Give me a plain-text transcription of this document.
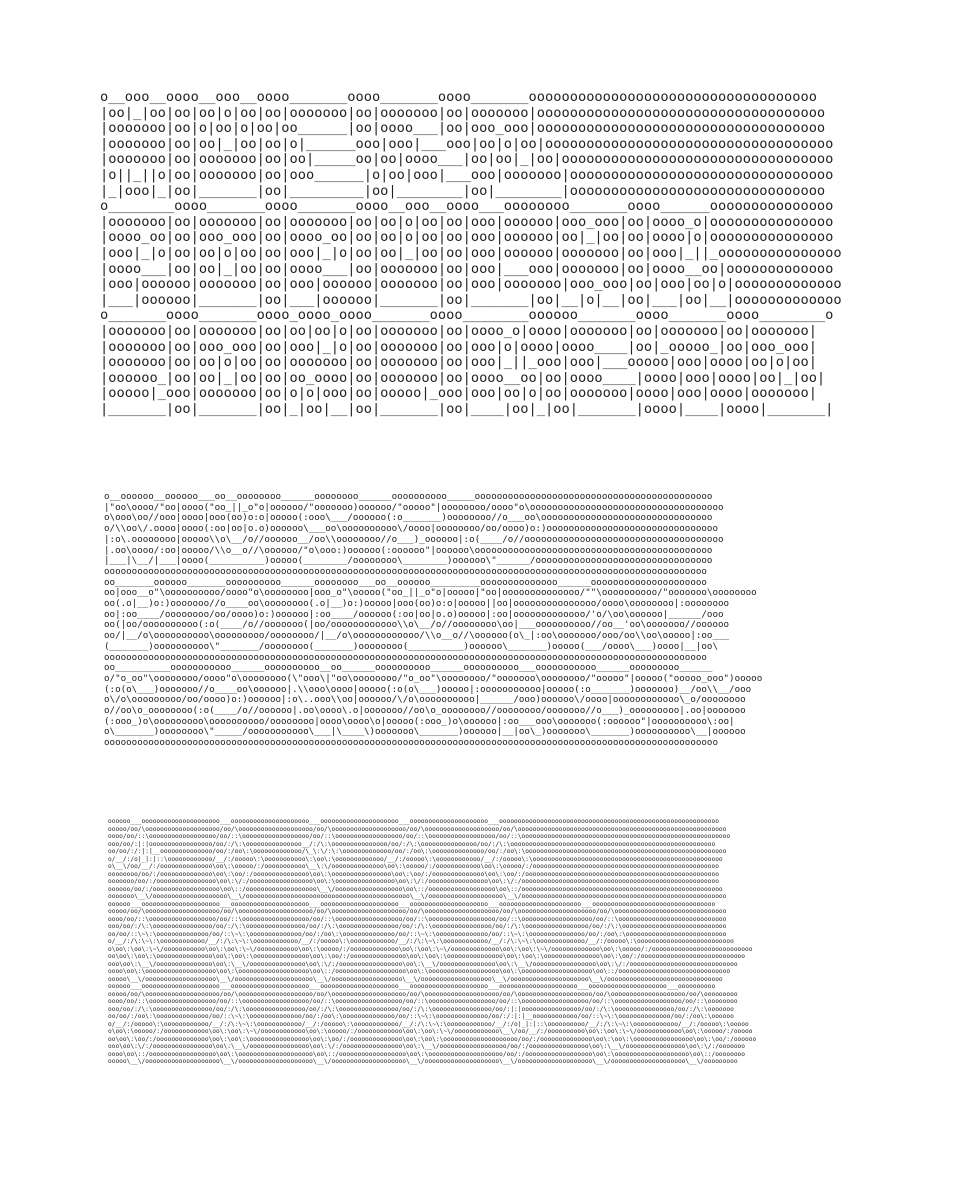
o__ooo__oooo__ooo__oooo_______oooo_______oooo_______ooooooooooooooooooooooooooooooooooo
|oo|_|oo|oo|oo|o|oo|oo|ooooooo|oo|ooooooo|oo|ooooooo|ooooooooooooooooooooooooooooooooooo
|ooooooo|oo|o|oo|o|oo|oo______|oo|oooo___|oo|ooo_ooo|ooooooooooooooooooooooooooooooooooo
|ooooooo|oo|oo|_|oo|oo|o|______ooo|ooo|___ooo|oo|o|oo|ooooooooooooooooooooooooooooooooooo
|ooooooo|oo|ooooooo|oo|oo|_____oo|oo|oooo___|oo|oo|_|oo|ooooooooooooooooooooooooooooooooo
|o||_||o|oo|ooooooo|oo|ooo______|o|oo|ooo|___ooo|ooooooo|oooooooooooooooooooooooooooooooo
|_|ooo|_|oo|_______|oo|_________|oo|________|oo|________|ooooooooooooooooooooooooooooooo
o________oooo_______oooo_______oooo__ooo__oooo___oooooooo_______oooo______ooooooooooooooo
|ooooooo|oo|ooooooo|oo|ooooooo|oo|oo|o|oo|oo|ooo|oooooo|ooo_ooo|oo|oooo_o|ooooooooooooooo
|oooo_oo|oo|ooo_ooo|oo|oooo_oo|oo|oo|o|oo|oo|ooo|oooooo|oo|_|oo|oo|oooo|o|ooooooooooooooo
|ooo|_|o|oo|oo|o|oo|oo|ooo|_|o|oo|oo|_|oo|oo|ooo|oooooo|ooooooo|oo|ooo|_||_ooooooooooooooo
|oooo___|oo|oo|_|oo|oo|oooo___|oo|ooooooo|oo|ooo|___ooo|ooooooo|oo|oooo__oo|ooooooooooooo
|ooo|oooooo|ooooooo|oo|ooo|oooooo|ooooooo|oo|ooo|ooooooo|ooo_ooo|oo|ooo|oo|o|ooooooooooooo
|___|oooooo|_______|oo|___|oooooo|_______|oo|_______|oo|__|o|__|oo|___|oo|__|ooooooooooooo
o_______oooo_______oooo_oooo_oooo_______oooo________oooooo_______oooo_______oooo________o
|ooooooo|oo|ooooooo|oo|oo|oo|o|oo|ooooooo|oo|oooo_o|oooo|ooooooo|oo|ooooooo|oo|ooooooo|
|ooooooo|oo|ooo_ooo|oo|ooo|_|o|oo|ooooooo|oo|ooo|o|oooo|oooo____|oo|_ooooo_|oo|ooo_ooo|
|ooooooo|oo|oo|o|oo|oo|ooooooo|oo|ooooooo|oo|ooo|_||_ooo|ooo|___ooooo|ooo|oooo|oo|o|oo|
|oooooo_|oo|oo|_|oo|oo|oo_oooo|oo|ooooooo|oo|oooo__oo|oo|oooo____|oooo|ooo|oooo|oo|_|oo|
|ooooo|_ooo|ooooooo|oo|o|o|ooo|oo|ooooo|_ooo|ooo|oo|o|oo|ooooooo|oooo|ooo|oooo|ooooooo|
|_______|oo|_______|oo|_|oo|__|oo|_______|oo|____|oo|_|oo|_______|oooo|____|oooo|_______|

o__oooooo__oooooo___oo__oooooooo______oooooooo______oooooooooo_____ooooooooooooooooooooooooooooooooooooooooooo
|"oo\oooo/"oo|oooo("oo_||_o"o|oooooo/"ooooooo)oooooo/"ooooo"|oooooooo/oooo"o\ooooooooooooooooooooooooooooooooooo
o\ooo\oo//ooo|oooo|ooo(oo)o:o|ooooo(:ooo\___/oooooo(:o_______)oooooooo//o___oo\ooooooooooooooooooooooooooooooo
o/\\oo\/.oooo|oooo(:oo|oo|o.o)oooooo\___oo\oooooooooo\/oooo|oooooooo/oo/oooo)o:)ooooooooooooooooooooooooooooooo
|:o\.oooooooo|ooooo\\o\__/o//oooooo__/oo\\oooooooo//o___)_oooooo|:o(____/o//oooooooooooooooooooooooooooooooooooo
|.oo\oooo/:oo|ooooo/\\o__o//\oooooo/"o\ooo:)oooooo(:oooooo"|oooooo\ooooooooooooooooooooooooooooooooooooooooooo
|___|\__/|___|oooo(__________)ooooo(________/oooooooo\________)oooooo\"______/oooooooooooooooooooooooooooooooo
ooooooooooooooooooooooooooooooooooooooooooooooooooooooooooooooooooooooooooooooooooooooooooooooooooooooooooooo
oo_______oooooo_______oooooooooo______oooooooo___oo__oooooo_________oooooooooooooo______ooooooooooooooooooooo
oo|ooo__o"\oooooooooo/oooo"o\oooooooo|ooo_o"\ooooo("oo_||_o"o|ooooo|"oo|oooooooooooooo/""\oooooooooo/"ooooooo\oooooooo
oo(.o|__)o:)ooooooo//o____oo\oooooooo(.o|__)o:)ooooo|ooo(oo)o:o|ooooo||oo|ooooooooooooooo/oooo\oooooooo|:oooooooo
oo|:oo____/oooooooo/oo/oooo)o:)oooooo|:oo____/oooooo(:oo|oo|o.o)ooooo|:oo|ooooooooooooo/'o/\oo\oooooo|______/ooo
oo(|oo/oooooooooo(:o(____/o//ooooooo(|oo/oooooooooooo\\o\__/o//oooooooo\oo|___oooooooooo//oo__'oo\ooooooo//oooooo
oo/|__/o\oooooooooo\ooooooooo/oooooooo/|__/o\oooooooooooo/\\o__o//\oooooo(o\_|:oo\ooooooo/ooo/oo\\oo\ooooo|:oo___
(_______)oooooooooo\"_______/oooooooo(_______)oooooooo(__________)oooooo\_______)ooooo(___/oooo\___)oooo|__|oo\
ooooooooooooooooooooooooooooooooooooooooooooooooooooooooooooooooooooooooooooooooooooooooooooooooooooooooooooo
oo__________ooooooooooo______oooooooooo__oo______oooooooooo______oooooooooo___ooooooooooo______ooooooooo______
o/"o_oo"\oooooooo/oooo"o\oooooooo(\"ooo\|"oo\oooooooo/"o_oo"\oooooooo/"ooooooo\oooooooo/"ooooo"|ooooo("ooooo_ooo")ooooo
(:o(o\___)ooooooo//o____oo\oooooo|.\\ooo\oooo|ooooo(:o(o\___)ooooo|:ooooooooooo|ooooo(:o_______)ooooooo)__/oo\\__/ooo
o\/o\ooooooooo/oo/oooo)o:)oooooo|:o\..ooo\\oo|oooooo/\/o\oooooooooo|______/ooo)oooooo\/oooo|oooooooooooo\_o/oooooooo
o//oo\o_oooooooo(:o(____/o//oooooo|.oo\oooo\.o|ooooooo//oo\o_oooooooo//oooooooo/ooooooo//o___)_ooooooooo|.oo|ooooooo
(:ooo_)o\ooooooooo\oooooooooo/oooooooo|oooo\oooo\o|ooooo(:ooo_)o\oooooo|:oo___ooo\ooooooo(:oooooo"|oooooooooo\:oo|
o\_______)oooooooo\"_____/ooooooooooo\___|\____\)ooooooo\_______)oooooo|__|oo\_)ooooooo\_______)oooooooooo\__|oooooo
ooooooooooooooooooooooooooooooooooooooooooooooooooooooooooooooooooooooooooooooooooooooooooooooooooooooooooooooo

oooooo___ooooooooooooooooooooo___ooooooooooooooooooooo___ooooooooooooooooooooo___ooooooooooooooooooooo___ooooooooooooooooooooooooooooooooooooooooooooooooooooooooooo
ooooo/oo/\oooooooooooooooooooo/oo/\oooooooooooooooooooo/oo/\oooooooooooooooooooo/oo/\oooooooooooooooooooo/oo/\oooooooooooooooooooooooooooooooooooooooooooooooooooooooo
oooo/oo/::\oooooooooooooooooo/oo/::\oooooooooooooooooo/oo/::\oooooooooooooooooo/oo/::\oooooooooooooooooo/oo/::\oooooooooooooooooooooooooooooooooooooooooooooooooooooooo
ooo/oo/:|:|ooooooooooooooooo/oo/:/\:\ooooooooooooooo__/:/\:\ooooooooooooooo/oo/:/\:\ooooooooooooooo/oo/:/\:\ooooooooooooooooooooooooooooooooooooooooooooooooooooooo
oo/oo/:/:|:|__oooooooooooooo/oo/:/oo\:\ooooooooooooo/\_\:\/:\:\ooooooooooooo/oo/:/oo\:\oooooooooooooo/oo/:/oo\:\oooooooooooooooooooooooooooooooooooooooooooooooooooooo
o/__/:/o|_|:|::\oooooooooooo/__/:/ooooo\:\ooooooooooo\:\oo\:\ooooooooooooo/__/:/ooooo\:\oooooooooooo/__/:/ooooo\:\ooooooooooooooooooooooooooooooooooooooooooooooooooo
o\__\/oo/__/:/oooooooooooooo\oo\:\ooooo/:/ooooooooooo\__\:\/oooooooooooooo\oo\:\ooooo/:/oooooooooooo\oo\:\ooooo/:/oooooooooooooooooooooooooooooooooooooooooooooooooo
oooooooo/oo/:/oooooooooooooo\oo\:\oo/:/ooooooooooooooo\oo\:\oooooooooooooooo\oo\:\oo/:/oooooooooooooo\oo\:\oo/:/oooooooooooooooooooooooooooooooooooooooooooooooooooo
ooooooo/oo/:/oooooooooooooooo\oo\:\/:/ooooooooooooooooo\oo\:\oooooooooooooooo\oo\:\/:/oooooooooooooooo\oo\:\/:/ooooooooooooooooooooooooooooooooooooooooooooooooooooo
oooooo/oo/:/oooooooooooooooooo\oo\::/ooooooooooooooooooo\__\/oooooooooooooooooo\oo\::/oooooooooooooooooo\oo\::/oooooooooooooooooooooooooooooooooooooooooooooooooooooo
ooooooo\__\/oooooooooooooooooooo\__\/oooooooooooooooooooooooooooooooooooooooooooo\__\/oooooooooooooooooooo\__\/ooooooooooooooooooooooooooooooooooooooooooooooooooooooo
oooooo___ooooooooooooooooooooo___ooooooooooooooooooooo___ooooooooooooooooooooo___ooooooooooooooooooooo___oooooooooooooooooooooo___ooooooooooooooooooooooooooooooooo
ooooo/oo/\oooooooooooooooooooo/oo/\oooooooooooooooooooo/oo/\oooooooooooooooooooo/oo/\oooooooooooooooooooo/oo/\ooooooooooooooooooooo/oo/\oooooooooooooooooooooooooooooo
oooo/oo/::\oooooooooooooooooo/oo/::\oooooooooooooooooo/oo/::\oooooooooooooooooo/oo/::\oooooooooooooooooo/oo/::\ooooooooooooooooooo/oo/::\ooooooooooooooooooooooooooooo
ooo/oo/:/\:\oooooooooooooooo/oo/:/\:\oooooooooooooooo/oo/:/\:\oooooooooooooooo/oo/:/\:\oooooooooooooooo/oo/:/\:\ooooooooooooooooo/oo/:/\:\oooooooooooooooooooooooooooo
oo/oo/::\~\:\oooooooooooooo/oo/::\~\:\oooooooooooooo/oo/:/oo\:\oooooooooooooo/oo/::\~\:\oooooooooooooo/oo/::\~\:\ooooooooooooooo/oo/:/oo\:\ooooooooooooooooooooooooooo
o/__/:/\:\~\:\oooooooooooo/__/:/\:\~\:\oooooooooooo/__/:/ooooo\:\oooooooooooo/__/:/\:\~\:\oooooooooooo/__/:/\:\~\:\ooooooooooooo/__/:/ooooo\:\oooooooooooooooooooooooooo
o\oo\:\oo\:\~\/ooooooooooo\oo\:\oo\:\~\/ooooooooooo\oo\:\ooooo/:/ooooooooooooo\oo\:\oo\:\~\/ooooooooooooo\oo\:\oo\:\~\/ooooooooooooo\oo\:\ooooo/:/ooooooooooooooooooooooooooo
oo\oo\:\oo\:\ooooooooooooooo\oo\:\oo\:\ooooooooooooooo\oo\:\oo/:/ooooooooooooooo\oo\:\oo\:\ooooooooooooooo\oo\:\oo\:\ooooooooooooooo\oo\:\oo/:/oooooooooooooooooooooooooooo
ooo\oo\:\__\/ooooooooooooooo\oo\:\__\/ooooooooooooooo\oo\:\/:/ooooooooooooooooo\oo\:\__\/ooooooooooooooo\oo\:\__\/ooooooooooooooooo\oo\:\/:/ooooooooooooooooooooooooooooo
oooo\oo\:\ooooooooooooooooooo\oo\:\ooooooooooooooooooo\oo\::/ooooooooooooooooooo\oo\:\ooooooooooooooooooo\oo\:\ooooooooooooooooooo\oo\::/oooooooooooooooooooooooooooooo
ooooo\__\/ooooooooooooooooooo\__\/ooooooooooooooooooooo\__\/ooooooooooooooooooo\__\/ooooooooooooooooooo\__\/ooooooooooooooooooooo\__\/ooooooooooooooooooooooooooooooo
oooooo___ooooooooooooooooooooo___ooooooooooooooooooooo___ooooooooooooooooooooo___ooooooooooooooooooooo___ooooooooooooooooooooo___ooooooooooooooooooooo___oooooooooo
ooooo/oo/\oooooooooooooooooooo/oo/\oooooooooooooooooooo/oo/\oooooooooooooooooooo/oo/\oooooooooooooooooooo/oo/\oooooooooooooooooooo/oo/\oooooooooooooooooooo/oo/\ooooooooo
oooo/oo/::\oooooooooooooooooo/oo/::\oooooooooooooooooo/oo/::\oooooooooooooooooo/oo/::\oooooooooooooooooo/oo/::\oooooooooooooooooo/oo/::\oooooooooooooooooo/oo/::\oooooooo
ooo/oo/:/\:\oooooooooooooooo/oo/:/\:\oooooooooooooooo/oo/:/\:\oooooooooooooooo/oo/:/\:\oooooooooooooooo/oo/:|:|oooooooooooooooo/oo/:/\:\oooooooooooooooo/oo/:/\:\ooooooo
oo/oo/:/oo\:\oooooooooooooo/oo/::\~\:\oooooooooooooo/oo/:/oo\:\oooooooooooooo/oo/::\~\:\oooooooooooooo/oo/:/:|:|__oooooooooooo/oo/::\~\:\oooooooooooooo/oo/:/oo\:\oooooo
o/__/:/ooooo\:\oooooooooooo/__/:/\:\~\:\oooooooooooo/__/:/ooooo\:\oooooooooooo/__/:/\:\~\:\oooooooooooo/__/:/o|_|:|::\oooooooooo/__/:/\:\~\:\oooooooooooo/__/:/ooooo\:\ooooo
o\oo\:\ooooo/:/oooooooooooo\oo\:\oo\:\~\/oooooooooooo\oo\:\ooooo/:/oooooooooooo\oo\:\oo\:\~\/oooooooooooo\__\/oo/__/:/oooooooooo\oo\:\oo\:\~\/oooooooooooo\oo\:\ooooo/:/ooooo
oo\oo\:\oo/:/oooooooooooooo\oo\:\oo\:\oooooooooooooooo\oo\:\oo/:/oooooooooooooo\oo\:\oo\:\oooooooooooooooooooo/oo/:/oooooooooooooo\oo\:\oo\:\oooooooooooooooo\oo\:\oo/:/oooooo
ooo\oo\:\/:/oooooooooooooooo\oo\:\__\/oooooooooooooooo\oo\:\/:/oooooooooooooooo\oo\:\__\/oooooooooooooooooo/oo/:/oooooooooooooooo\oo\:\__\/oooooooooooooooo\oo\:\/:/ooooooo
oooo\oo\::/oooooooooooooooooo\oo\:\oooooooooooooooooooo\oo\::/oooooooooooooooooo\oo\:\oooooooooooooooooooo/oo/:/oooooooooooooooooo\oo\:\oooooooooooooooooooo\oo\::/oooooooo
ooooo\__\/oooooooooooooooooooo\__\/oooooooooooooooooooo\__\/oooooooooooooooooooo\__\/oooooooooooooooooooo\__\/oooooooooooooooooooo\__\/oooooooooooooooooooo\__\/ooooooooo
